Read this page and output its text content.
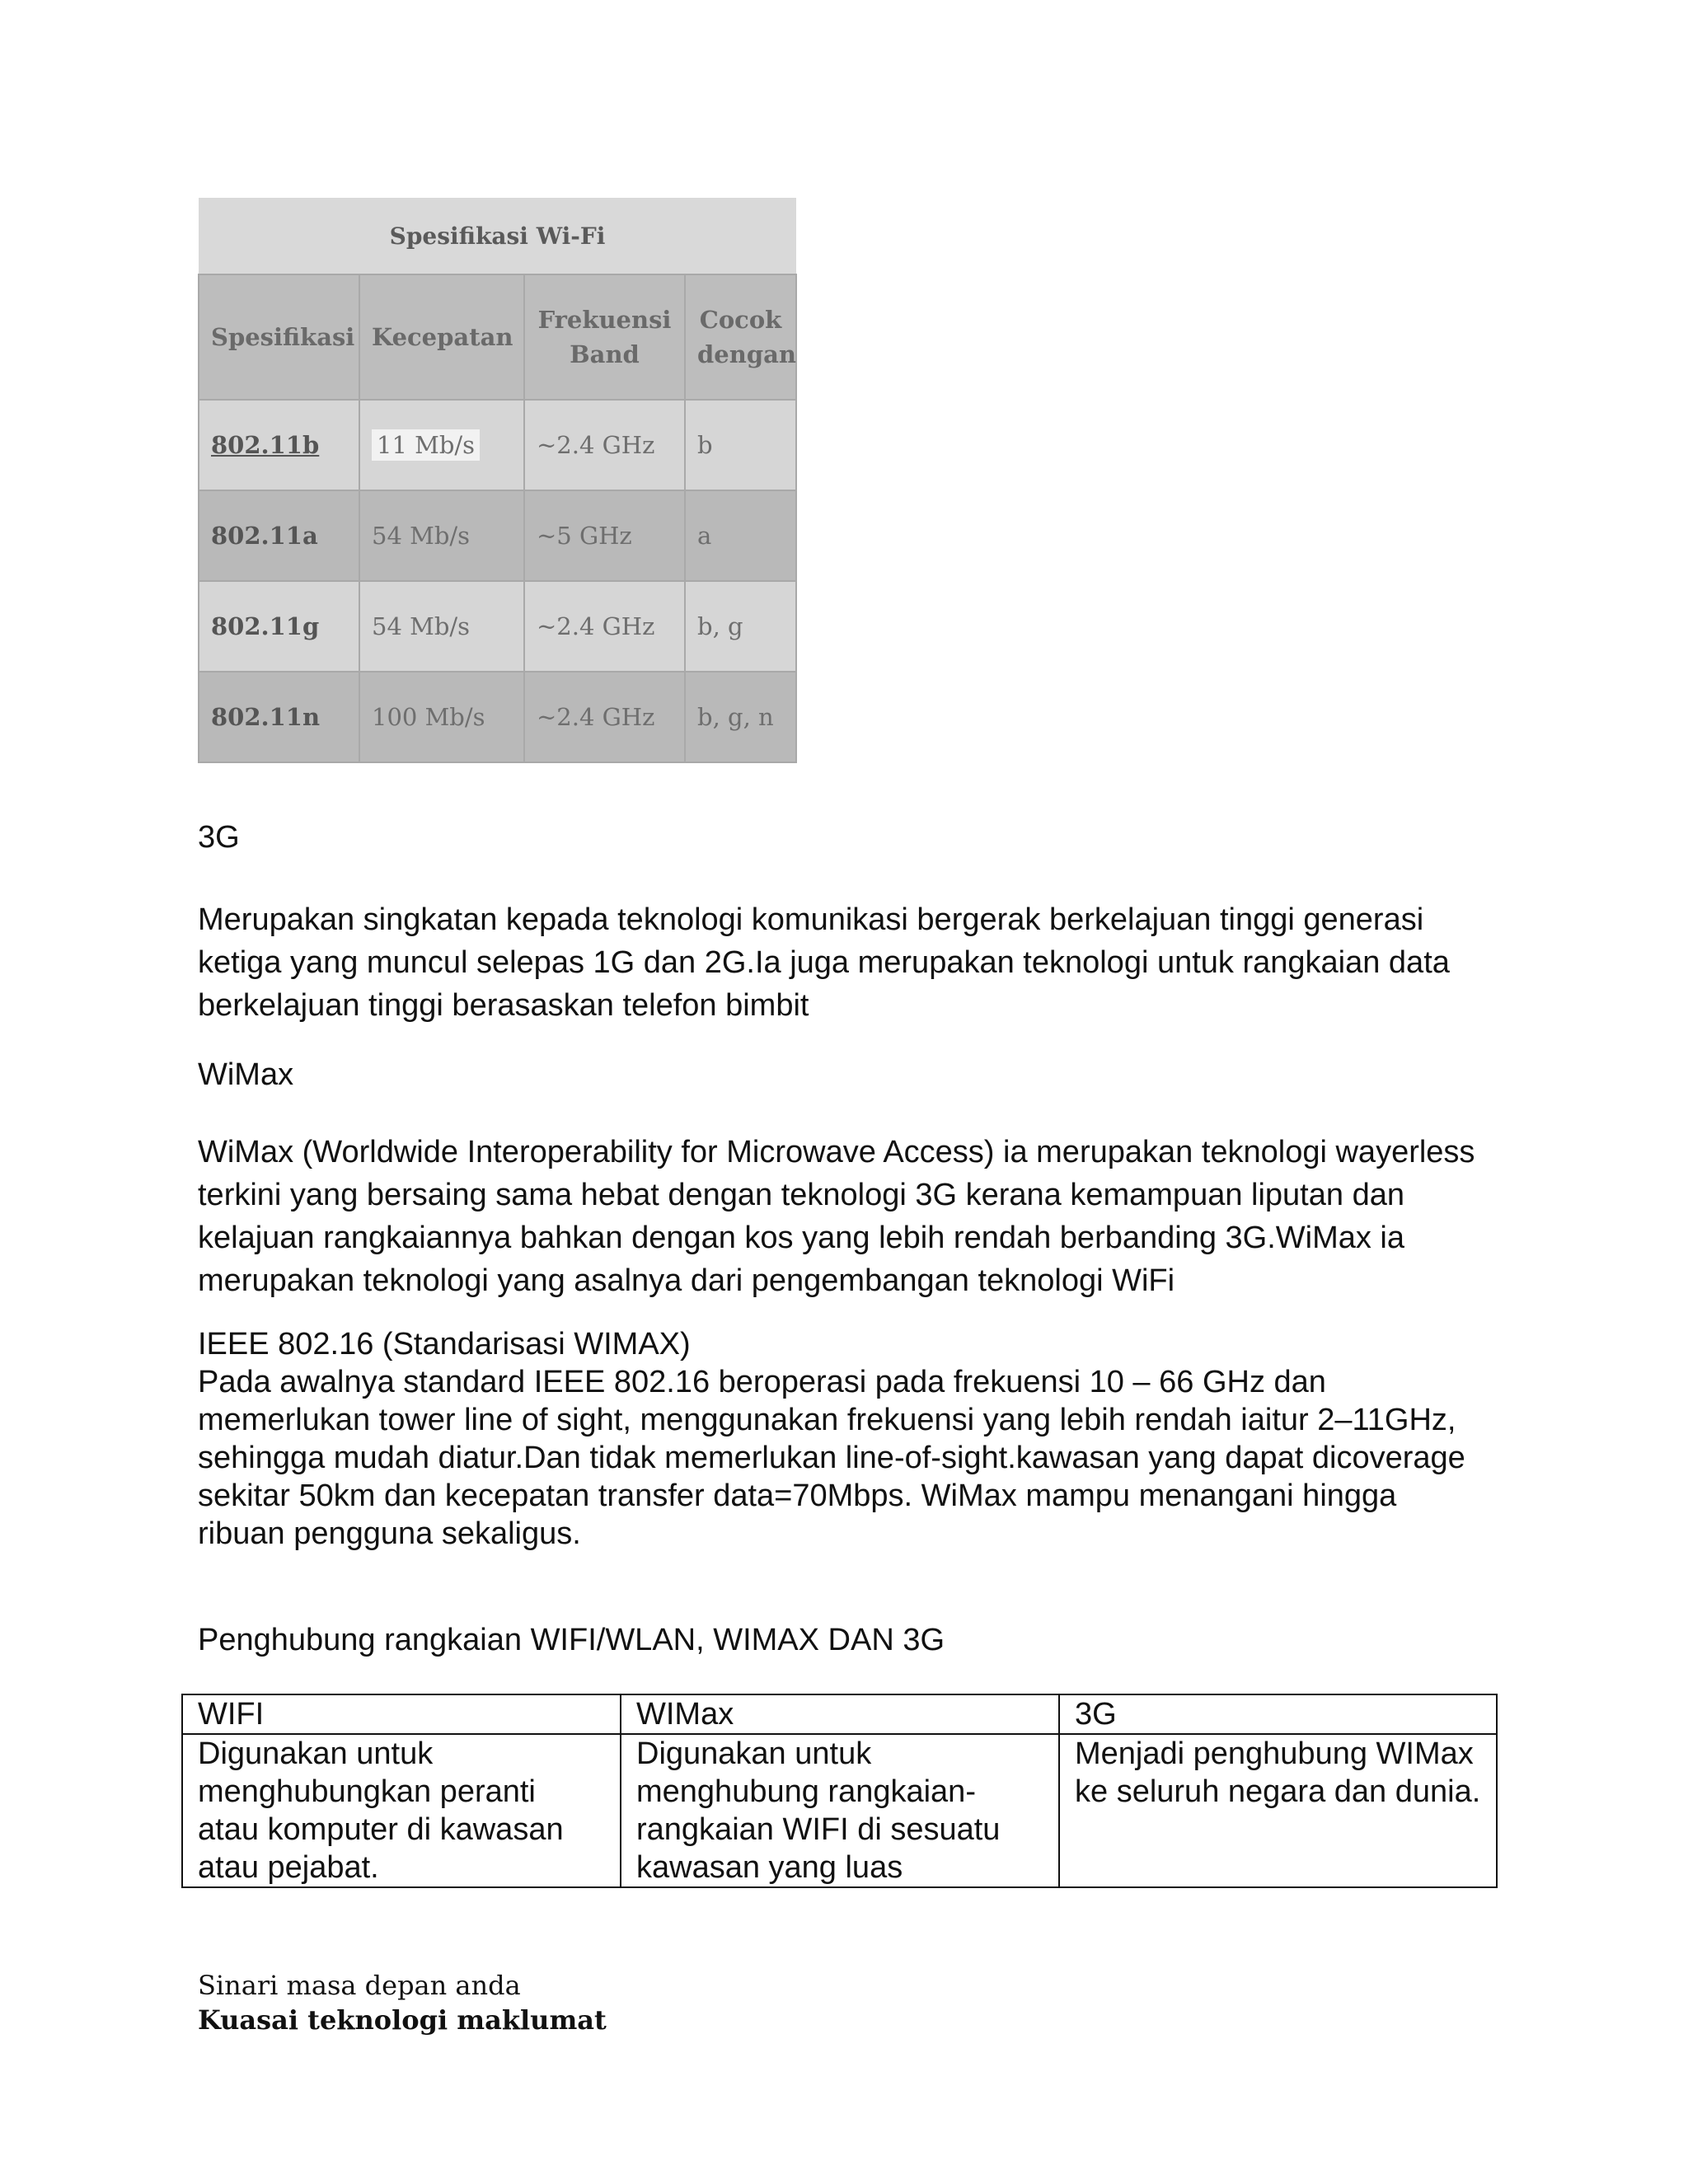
Spesifikasi Wi-Fi			
Spesifikasi	Kecepatan	Frekuensi Band	Cocok dengan
802.11b	11 Mb/s	~2.4 GHz	b
802.11a	54 Mb/s	~5 GHz	a
802.11g	54 Mb/s	~2.4 GHz	b, g
802.11n	100 Mb/s	~2.4 GHz	b, g, n

3G

Merupakan singkatan kepada teknologi komunikasi bergerak berkelajuan tinggi generasi ketiga yang muncul selepas 1G dan 2G.Ia juga merupakan teknologi untuk rangkaian data berkelajuan tinggi berasaskan telefon bimbit

WiMax

WiMax (Worldwide Interoperability for Microwave Access) ia merupakan teknologi wayerless terkini yang bersaing sama hebat dengan teknologi 3G kerana kemampuan liputan dan kelajuan rangkaiannya bahkan dengan kos yang lebih rendah berbanding 3G.WiMax ia merupakan teknologi yang asalnya dari pengembangan teknologi WiFi

IEEE 802.16 (Standarisasi WIMAX)

Pada awalnya standard IEEE 802.16 beroperasi pada frekuensi 10 – 66 GHz dan memerlukan tower line of sight, menggunakan frekuensi yang lebih rendah iaitur 2–11GHz, sehingga mudah diatur.Dan tidak memerlukan line-of-sight.kawasan yang dapat dicoverage sekitar 50km dan kecepatan transfer data=70Mbps. WiMax mampu menangani hingga ribuan pengguna sekaligus.

Penghubung rangkaian WIFI/WLAN, WIMAX DAN 3G

WIFI	WIMax	3G
Digunakan untuk menghubungkan peranti atau komputer di kawasan atau pejabat.	Digunakan untuk menghubung rangkaian-rangkaian WIFI di sesuatu kawasan yang luas	Menjadi penghubung WIMax ke seluruh negara dan dunia.
Sinari masa depan anda
Kuasai teknologi maklumat
